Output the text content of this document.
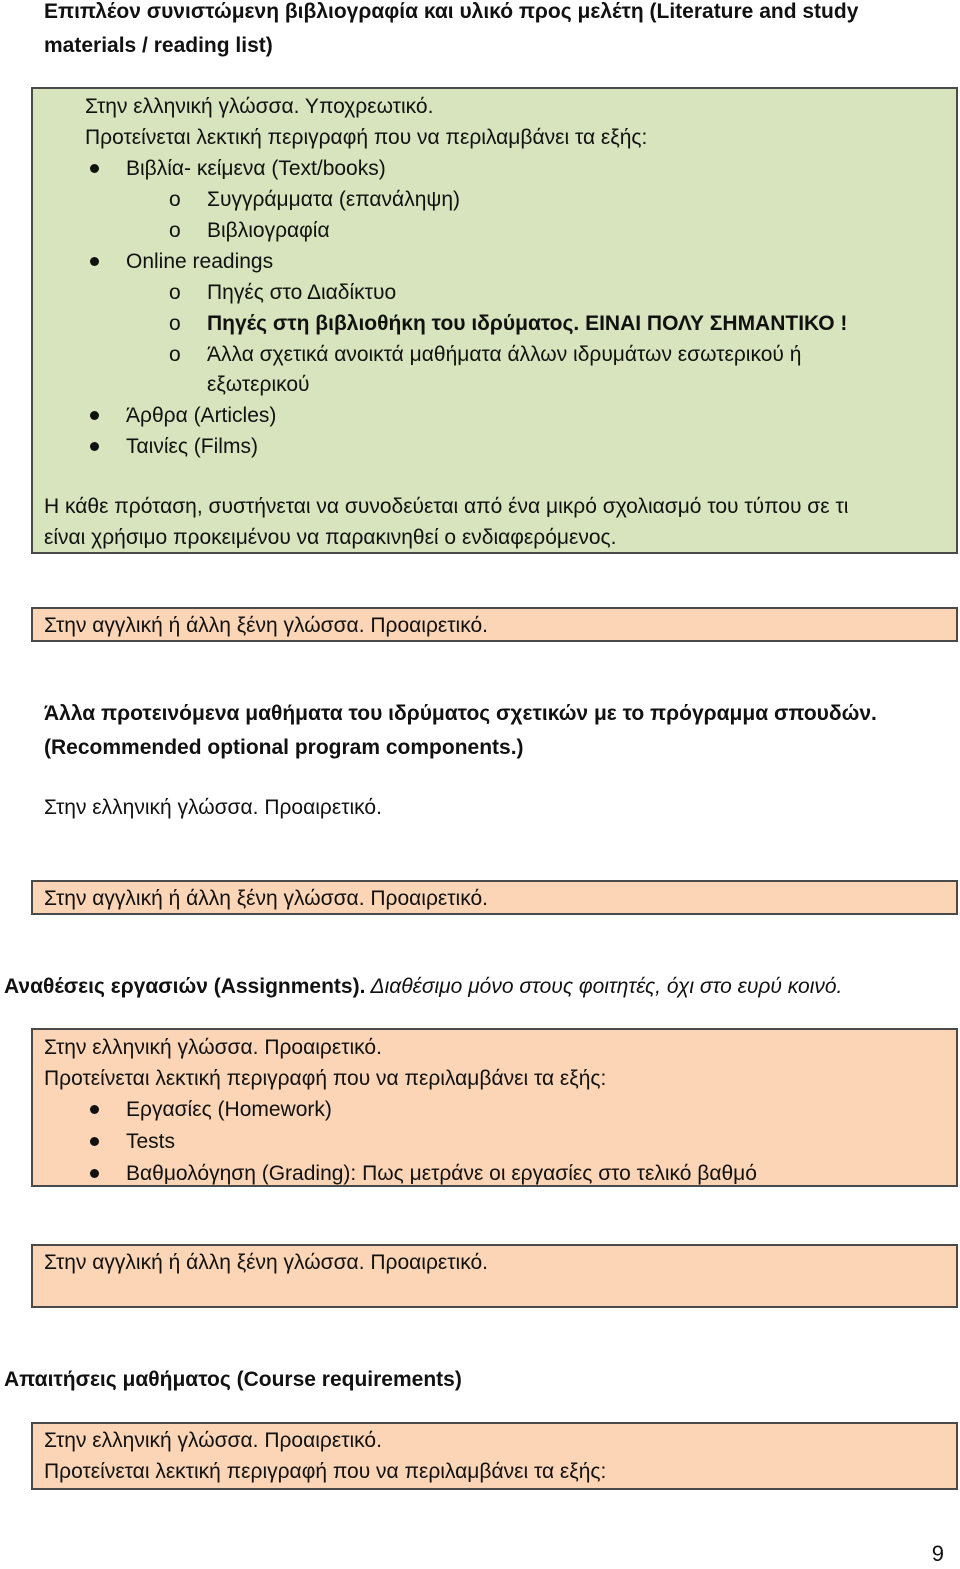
Επιπλέον συνιστώμενη βιβλιογραφία και υλικό προς μελέτη (Literature and study
materials / reading list)
Στην ελληνική γλώσσα. Υποχρεωτικό.
Προτείνεται λεκτική περιγραφή που να περιλαμβάνει τα εξής:
Βιβλία- κείμενα (Text/books)
o Συγγράμματα (επανάληψη)
o Βιβλιογραφία
Online readings
o Πηγές στο Διαδίκτυο
o Πηγές στη βιβλιοθήκη του ιδρύματος. ΕΙΝΑΙ ΠΟΛΥ ΣΗΜΑΝΤΙΚΟ !
o Άλλα σχετικά ανοικτά μαθήματα άλλων ιδρυμάτων εσωτερικού ή
εξωτερικού
Άρθρα (Articles)
Ταινίες (Films)
Η κάθε πρόταση, συστήνεται να συνοδεύεται από ένα μικρό σχολιασμό του τύπου σε τι
είναι χρήσιμο προκειμένου να παρακινηθεί ο ενδιαφερόμενος.
Στην αγγλική ή άλλη ξένη γλώσσα. Προαιρετικό.
Άλλα προτεινόμενα μαθήματα του ιδρύματος σχετικών με το πρόγραμμα σπουδών.
(Recommended optional program components.)
Στην ελληνική γλώσσα. Προαιρετικό.
Στην αγγλική ή άλλη ξένη γλώσσα. Προαιρετικό.
Αναθέσεις εργασιών (Assignments). Διαθέσιμο μόνο στους φοιτητές, όχι στο ευρύ κοινό.
Στην ελληνική γλώσσα. Προαιρετικό.
Προτείνεται λεκτική περιγραφή που να περιλαμβάνει τα εξής:
Εργασίες (Homework)
Tests
Βαθμολόγηση (Grading): Πως μετράνε οι εργασίες στο τελικό βαθμό
Στην αγγλική ή άλλη ξένη γλώσσα. Προαιρετικό.
Απαιτήσεις μαθήματος (Course requirements)
Στην ελληνική γλώσσα. Προαιρετικό.
Προτείνεται λεκτική περιγραφή που να περιλαμβάνει τα εξής:
9
